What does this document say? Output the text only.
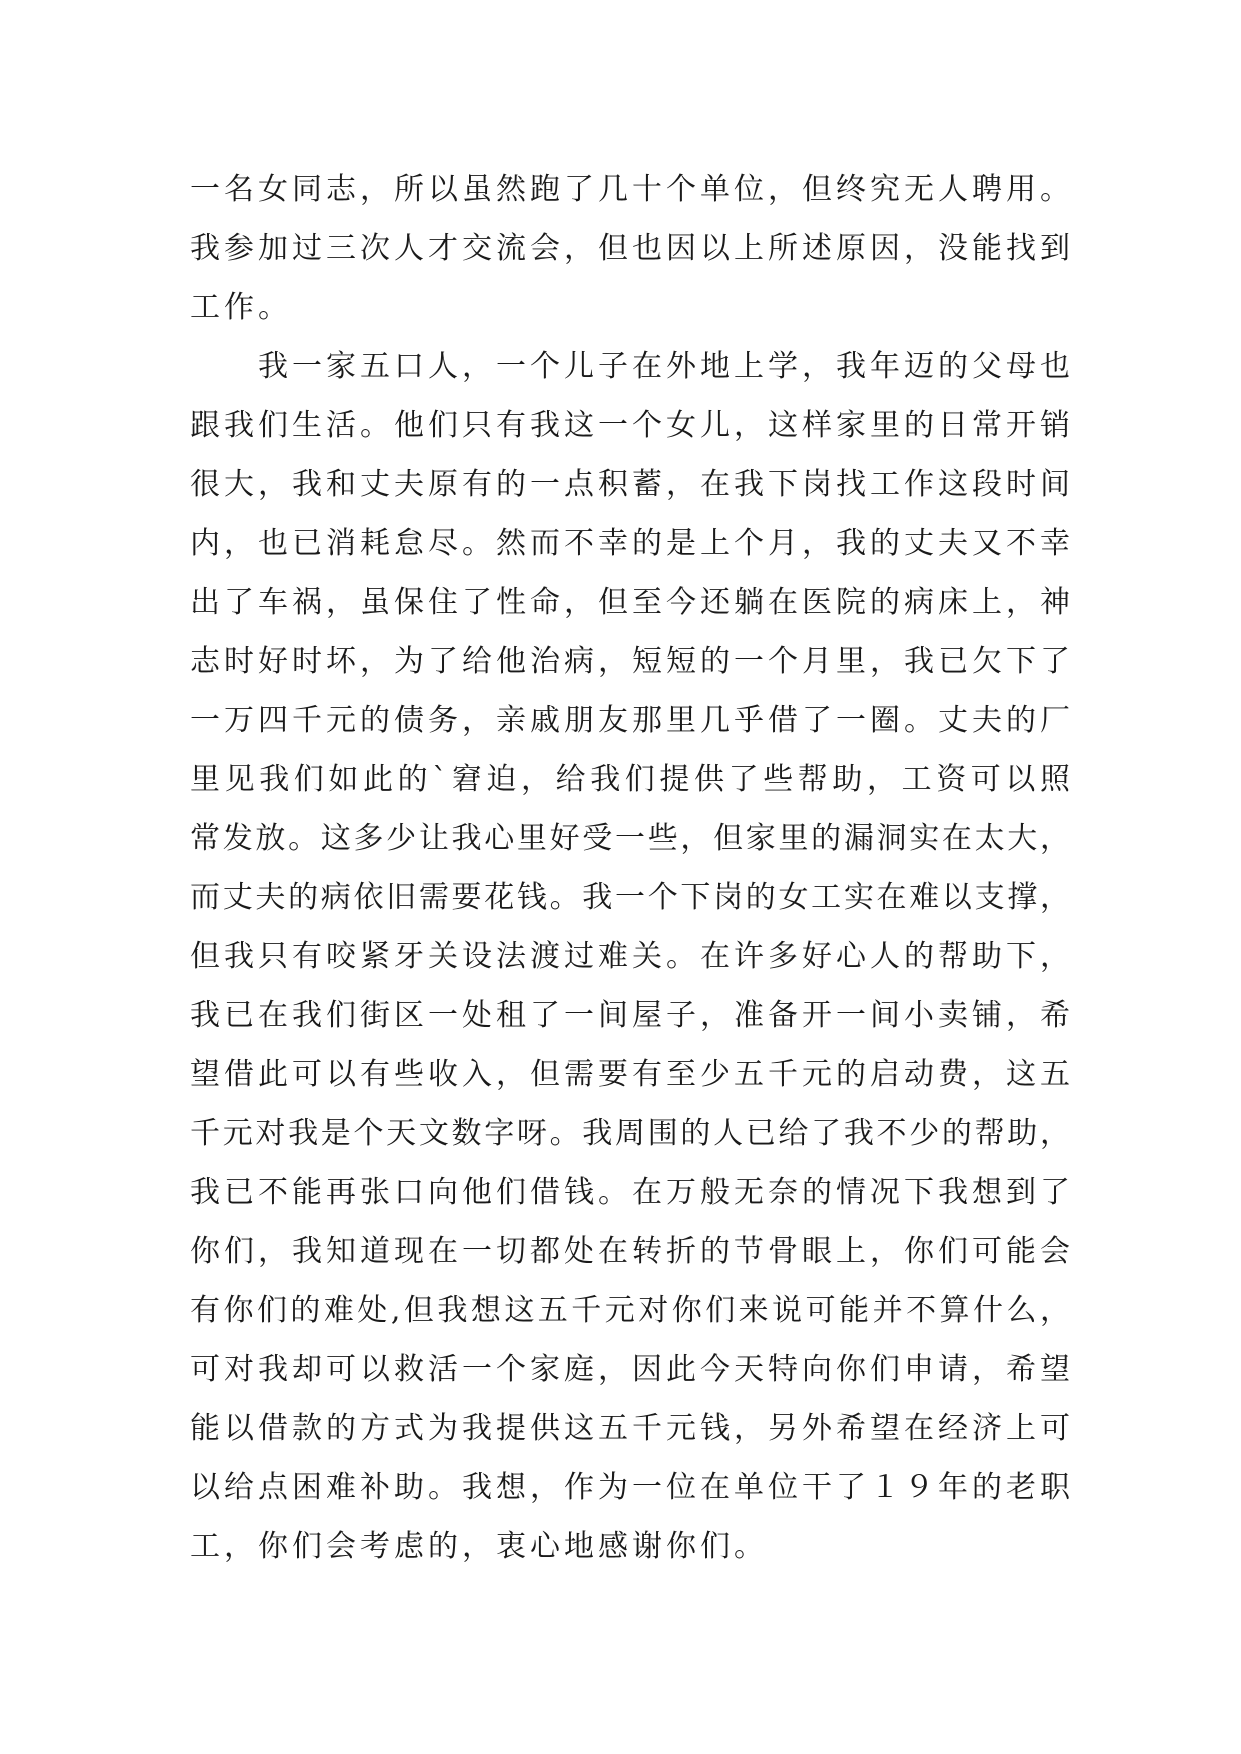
一名女同志，所以虽然跑了几十个单位，但终究无人聘用。
我参加过三次人才交流会，但也因以上所述原因，没能找到
工作。
　　我一家五口人，一个儿子在外地上学，我年迈的父母也
跟我们生活。他们只有我这一个女儿，这样家里的日常开销
很大，我和丈夫原有的一点积蓄，在我下岗找工作这段时间
内，也已消耗怠尽。然而不幸的是上个月，我的丈夫又不幸
出了车祸，虽保住了性命，但至今还躺在医院的病床上，神
志时好时坏，为了给他治病，短短的一个月里，我已欠下了
一万四千元的债务，亲戚朋友那里几乎借了一圈。丈夫的厂
里见我们如此的`窘迫，给我们提供了些帮助，工资可以照
常发放。这多少让我心里好受一些，但家里的漏洞实在太大，
而丈夫的病依旧需要花钱。我一个下岗的女工实在难以支撑，
但我只有咬紧牙关设法渡过难关。在许多好心人的帮助下，
我已在我们街区一处租了一间屋子，准备开一间小卖铺，希
望借此可以有些收入，但需要有至少五千元的启动费，这五
千元对我是个天文数字呀。我周围的人已给了我不少的帮助，
我已不能再张口向他们借钱。在万般无奈的情况下我想到了
你们，我知道现在一切都处在转折的节骨眼上，你们可能会
有你们的难处,但我想这五千元对你们来说可能并不算什么，
可对我却可以救活一个家庭，因此今天特向你们申请，希望
能以借款的方式为我提供这五千元钱，另外希望在经济上可
以给点困难补助。我想，作为一位在单位干了１９年的老职
工，你们会考虑的，衷心地感谢你们。
